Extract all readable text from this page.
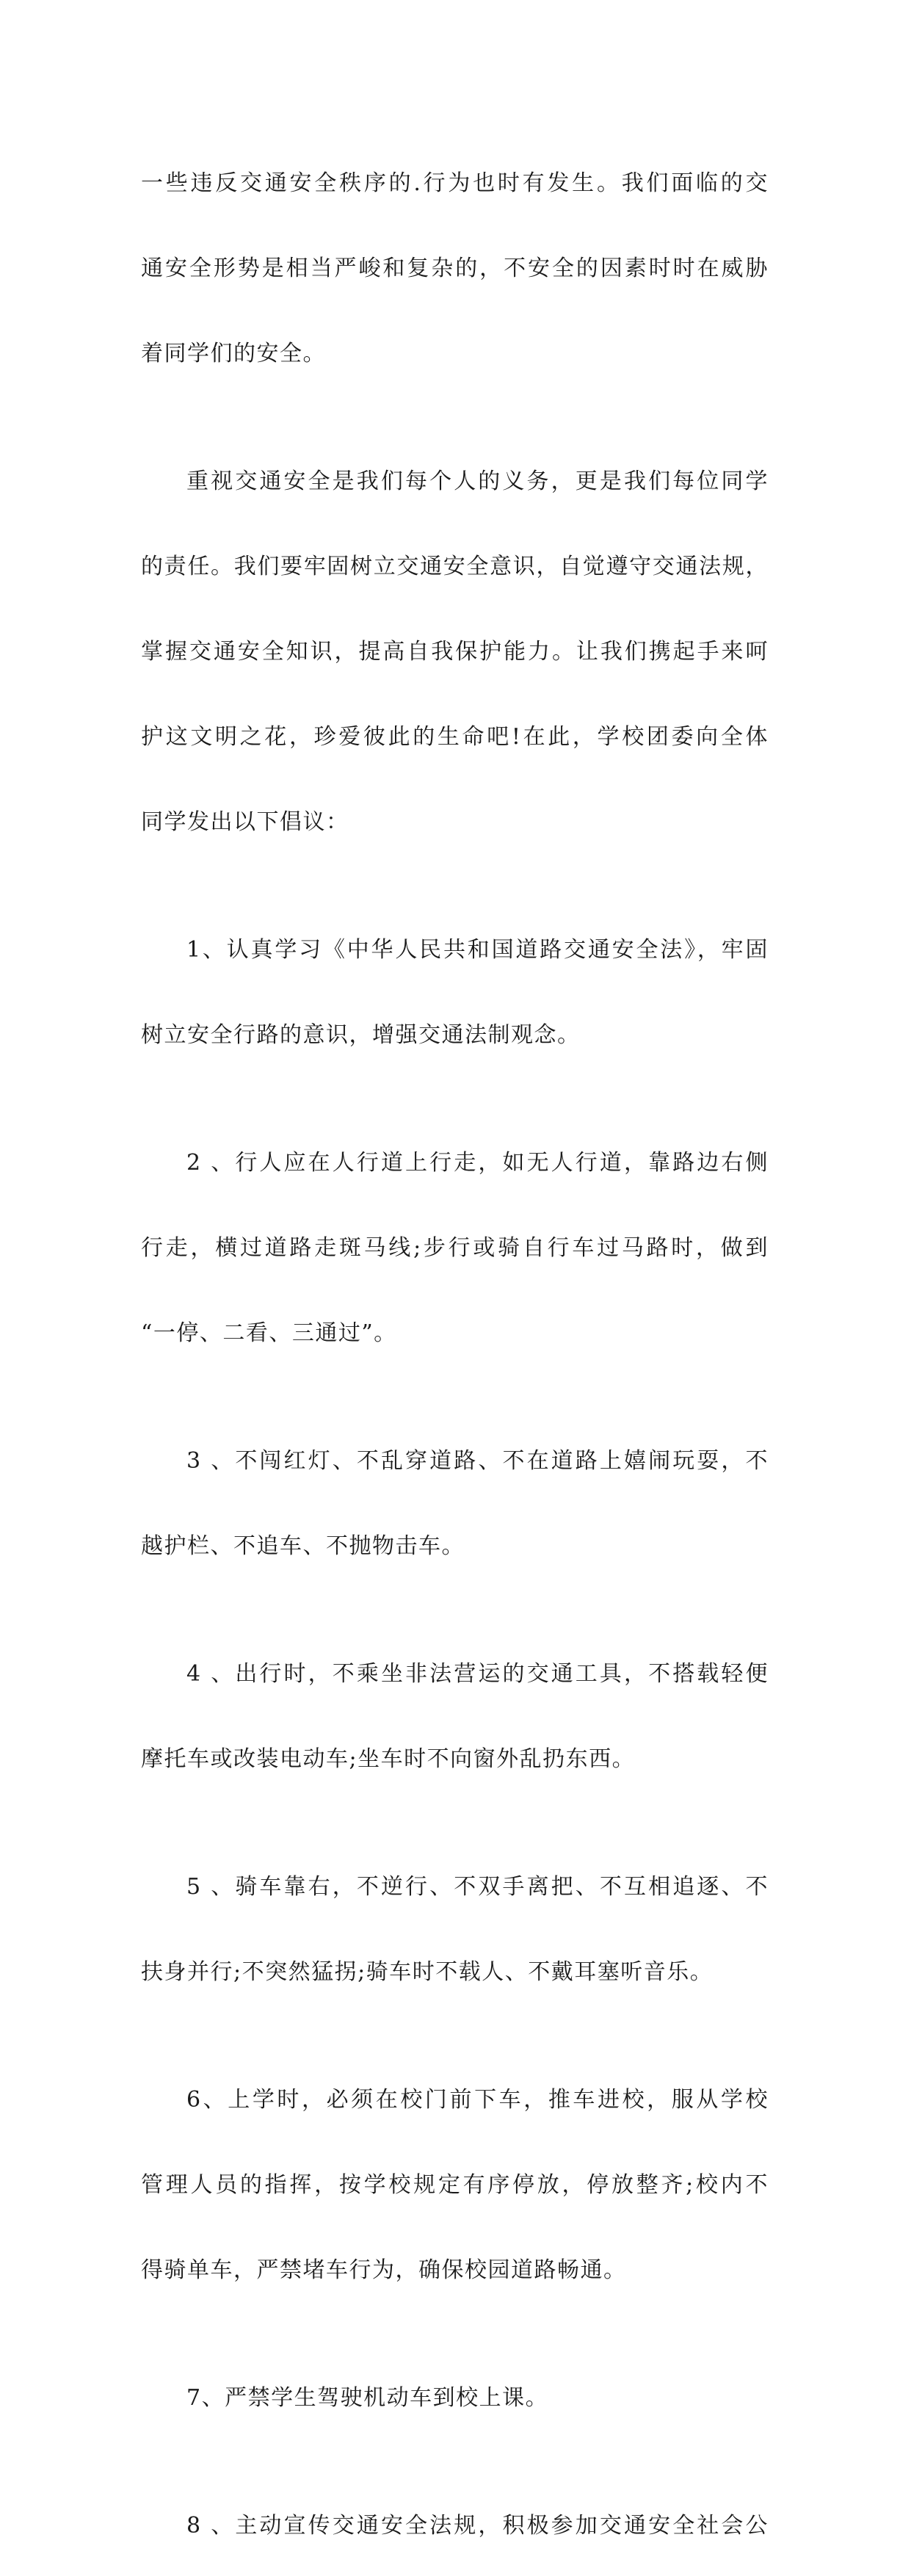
一些违反交通安全秩序的.行为也时有发生。我们面临的交

通安全形势是相当严峻和复杂的，不安全的因素时时在威胁

着同学们的安全。

重视交通安全是我们每个人的义务，更是我们每位同学

的责任。我们要牢固树立交通安全意识，自觉遵守交通法规，

掌握交通安全知识，提高自我保护能力。让我们携起手来呵

护这文明之花，珍爱彼此的生命吧!在此，学校团委向全体

同学发出以下倡议：

1、认真学习《中华人民共和国道路交通安全法》，牢固

树立安全行路的意识，增强交通法制观念。

2 、行人应在人行道上行走，如无人行道，靠路边右侧

行走，横过道路走斑马线;步行或骑自行车过马路时，做到

“一停、二看、三通过”。

3 、不闯红灯、不乱穿道路、不在道路上嬉闹玩耍，不

越护栏、不追车、不抛物击车。

4 、出行时，不乘坐非法营运的交通工具，不搭载轻便

摩托车或改装电动车;坐车时不向窗外乱扔东西。

5 、骑车靠右，不逆行、不双手离把、不互相追逐、不

扶身并行;不突然猛拐;骑车时不载人、不戴耳塞听音乐。

6、上学时，必须在校门前下车，推车进校，服从学校

管理人员的指挥，按学校规定有序停放，停放整齐;校内不

得骑单车，严禁堵车行为，确保校园道路畅通。

7、严禁学生驾驶机动车到校上课。

8 、主动宣传交通安全法规，积极参加交通安全社会公
